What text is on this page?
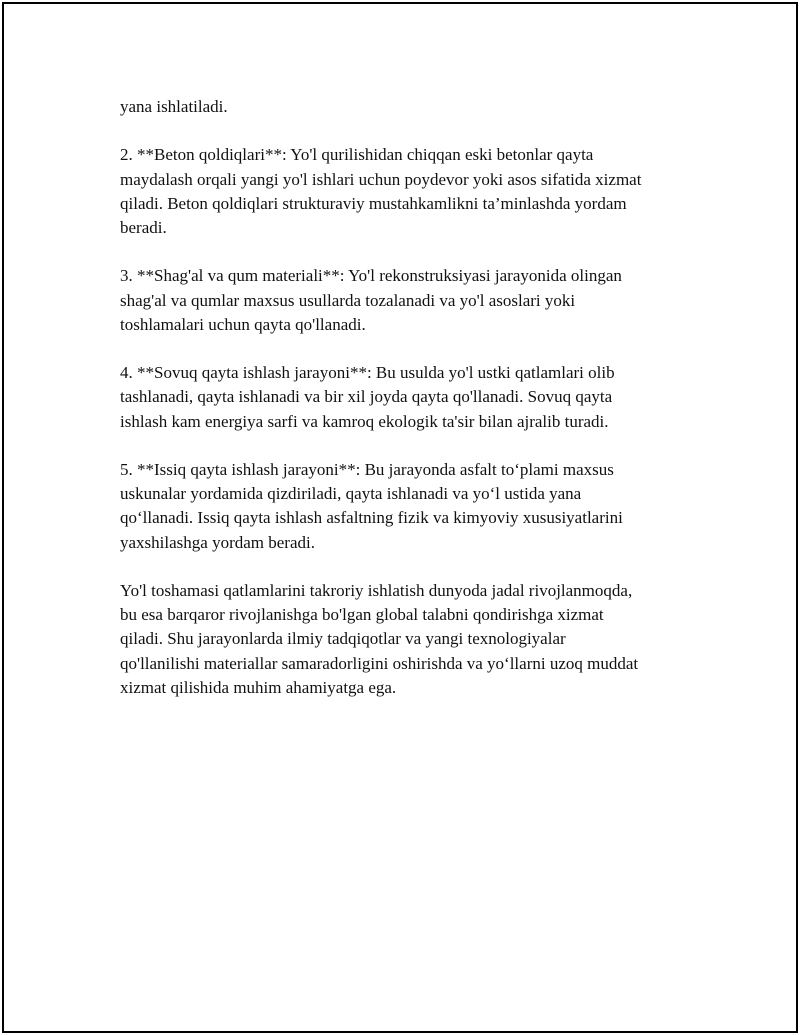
yana ishlatiladi.

2. **Beton qoldiqlari**: Yo'l qurilishidan chiqqan eski betonlar qayta
maydalash orqali yangi yo'l ishlari uchun poydevor yoki asos sifatida xizmat
qiladi. Beton qoldiqlari strukturaviy mustahkamlikni ta’minlashda yordam
beradi.

3. **Shag'al va qum materiali**: Yo'l rekonstruksiyasi jarayonida olingan
shag'al va qumlar maxsus usullarda tozalanadi va yo'l asoslari yoki
toshlamalari uchun qayta qo'llanadi.

4. **Sovuq qayta ishlash jarayoni**: Bu usulda yo'l ustki qatlamlari olib
tashlanadi, qayta ishlanadi va bir xil joyda qayta qo'llanadi. Sovuq qayta
ishlash kam energiya sarfi va kamroq ekologik ta'sir bilan ajralib turadi.

5. **Issiq qayta ishlash jarayoni**: Bu jarayonda asfalt to‘plami maxsus
uskunalar yordamida qizdiriladi, qayta ishlanadi va yo‘l ustida yana
qo‘llanadi. Issiq qayta ishlash asfaltning fizik va kimyoviy xususiyatlarini
yaxshilashga yordam beradi.

Yo'l toshamasi qatlamlarini takroriy ishlatish dunyoda jadal rivojlanmoqda,
bu esa barqaror rivojlanishga bo'lgan global talabni qondirishga xizmat
qiladi. Shu jarayonlarda ilmiy tadqiqotlar va yangi texnologiyalar
qo'llanilishi materiallar samaradorligini oshirishda va yo‘llarni uzoq muddat
xizmat qilishida muhim ahamiyatga ega.
